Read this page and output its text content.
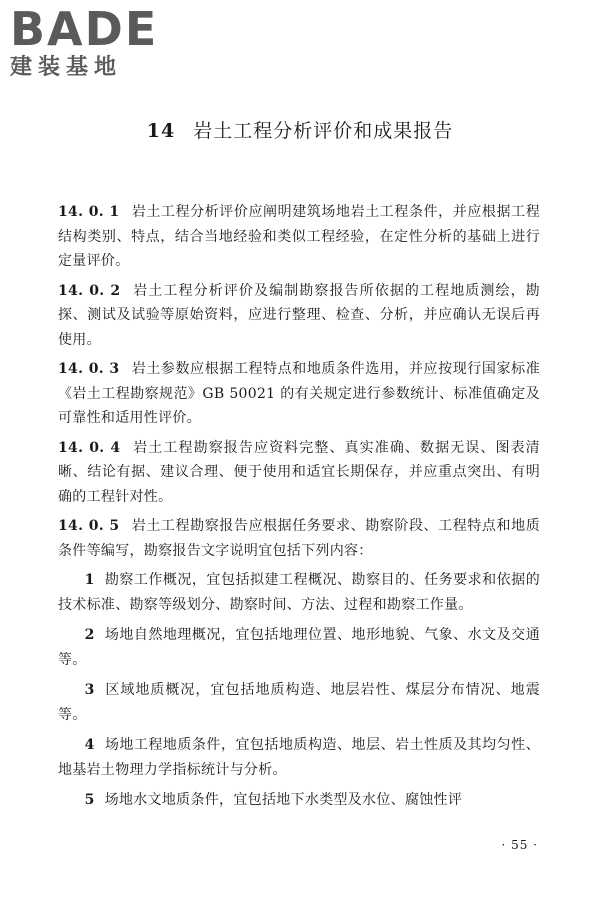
BADE
建装基地
14 岩土工程分析评价和成果报告

14. 0. 1 岩土工程分析评价应阐明建筑场地岩土工程条件，并应根据工程结构类别、特点，结合当地经验和类似工程经验，在定性分析的基础上进行定量评价。

14. 0. 2 岩土工程分析评价及编制勘察报告所依据的工程地质测绘，勘探、测试及试验等原始资料，应进行整理、检查、分析，并应确认无误后再使用。

14. 0. 3 岩土参数应根据工程特点和地质条件选用，并应按现行国家标准《岩土工程勘察规范》GB 50021 的有关规定进行参数统计、标准值确定及可靠性和适用性评价。

14. 0. 4 岩土工程勘察报告应资料完整、真实准确、数据无误、图表清晰、结论有据、建议合理、便于使用和适宜长期保存，并应重点突出、有明确的工程针对性。

14. 0. 5 岩土工程勘察报告应根据任务要求、勘察阶段、工程特点和地质条件等编写，勘察报告文字说明宜包括下列内容：

1 勘察工作概况，宜包括拟建工程概况、勘察目的、任务要求和依据的技术标准、勘察等级划分、勘察时间、方法、过程和勘察工作量。

2 场地自然地理概况，宜包括地理位置、地形地貌、气象、水文及交通等。

3 区域地质概况，宜包括地质构造、地层岩性、煤层分布情况、地震等。

4 场地工程地质条件，宜包括地质构造、地层、岩土性质及其均匀性、地基岩土物理力学指标统计与分析。

5 场地水文地质条件，宜包括地下水类型及水位、腐蚀性评

· 55 ·
